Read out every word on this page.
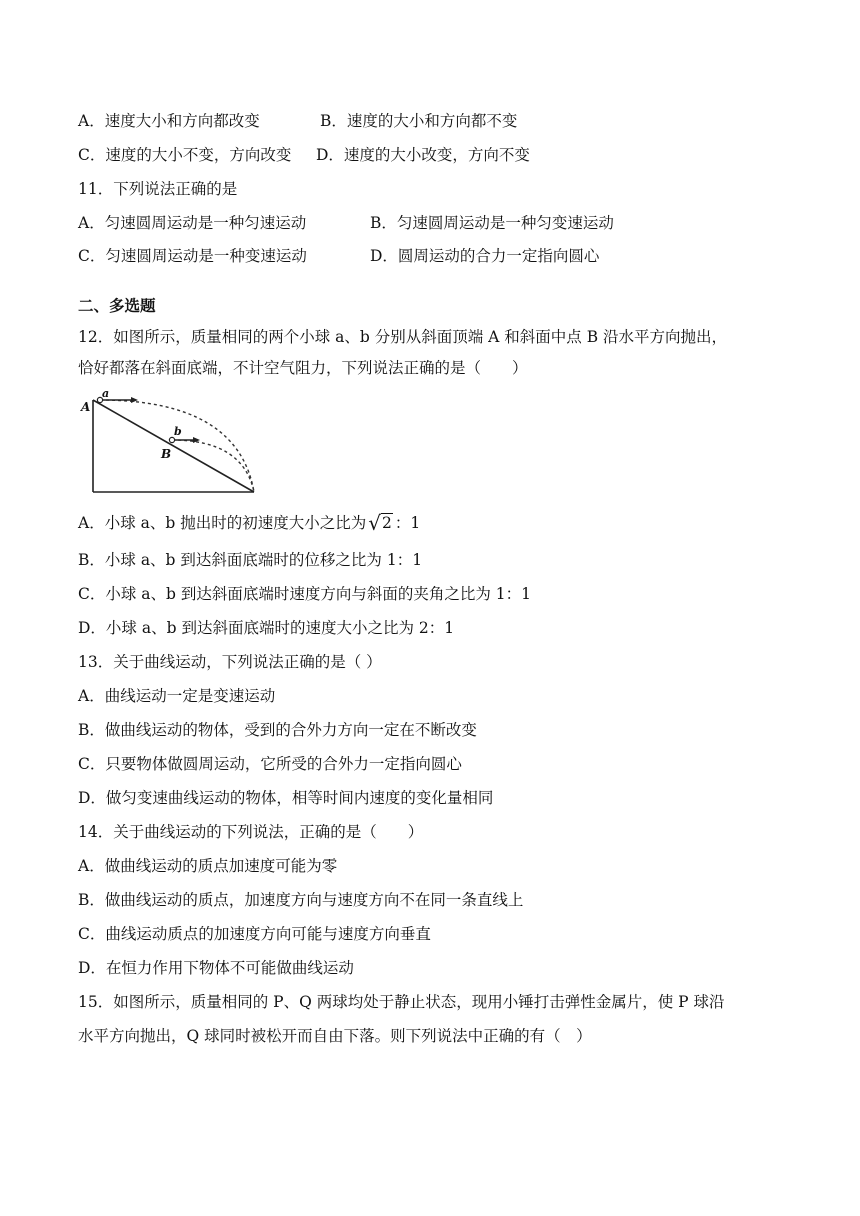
A．速度大小和方向都改变	B．速度的大小和方向都不变
C．速度的大小不变，方向改变 D．速度的大小改变，方向不变
11．下列说法正确的是
A．匀速圆周运动是一种匀速运动	B．匀速圆周运动是一种匀变速运动
C．匀速圆周运动是一种变速运动	D．圆周运动的合力一定指向圆心
二、多选题
12．如图所示，质量相同的两个小球 a、b 分别从斜面顶端 A 和斜面中点 B 沿水平方向抛出，
恰好都落在斜面底端，不计空气阻力，下列说法正确的是（　　）
A
a
B
b
A．小球 a、b 抛出时的初速度大小之比为 √2 ：1
B．小球 a、b 到达斜面底端时的位移之比为 1：1
C．小球 a、b 到达斜面底端时速度方向与斜面的夹角之比为 1：1
D．小球 a、b 到达斜面底端时的速度大小之比为 2：1
13．关于曲线运动，下列说法正确的是（ ）
A．曲线运动一定是变速运动
B．做曲线运动的物体，受到的合外力方向一定在不断改变
C．只要物体做圆周运动，它所受的合外力一定指向圆心
D．做匀变速曲线运动的物体，相等时间内速度的变化量相同
14．关于曲线运动的下列说法，正确的是（　　）
A．做曲线运动的质点加速度可能为零
B．做曲线运动的质点，加速度方向与速度方向不在同一条直线上
C．曲线运动质点的加速度方向可能与速度方向垂直
D．在恒力作用下物体不可能做曲线运动
15．如图所示，质量相同的 P、Q 两球均处于静止状态，现用小锤打击弹性金属片，使 P 球沿
水平方向抛出，Q 球同时被松开而自由下落。则下列说法中正确的有（　）
